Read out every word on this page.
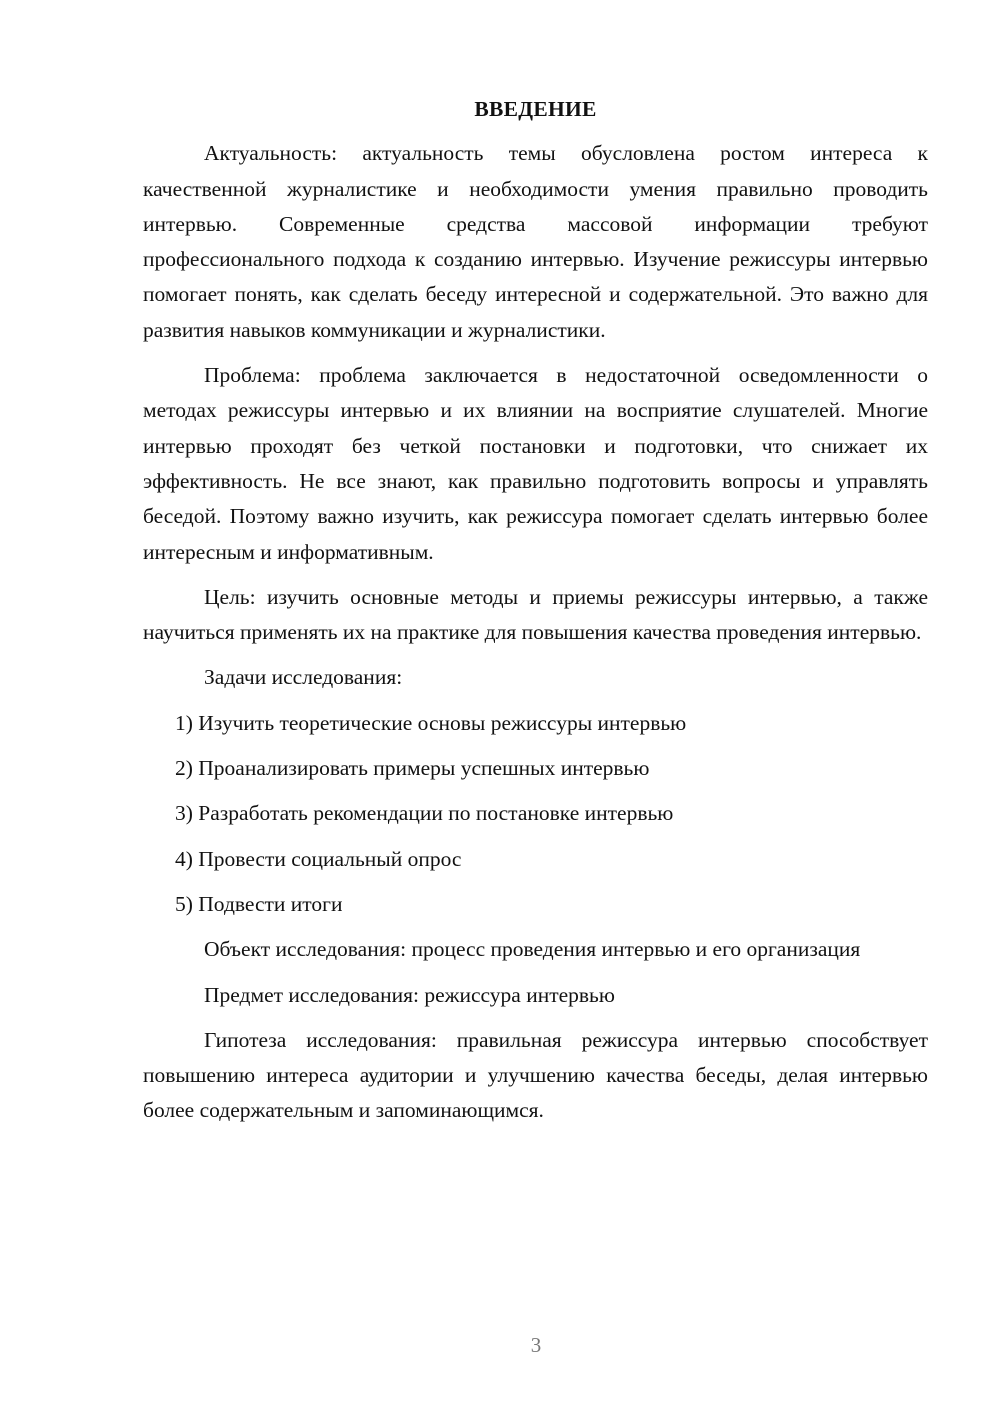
ВВЕДЕНИЕ

Актуальность: актуальность темы обусловлена ростом интереса к качественной журналистике и необходимости умения правильно проводить интервью. Современные средства массовой информации требуют профессионального подхода к созданию интервью. Изучение режиссуры интервью помогает понять, как сделать беседу интересной и содержательной. Это важно для развития навыков коммуникации и журналистики.

Проблема: проблема заключается в недостаточной осведомленности о методах режиссуры интервью и их влиянии на восприятие слушателей. Многие интервью проходят без четкой постановки и подготовки, что снижает их эффективность. Не все знают, как правильно подготовить вопросы и управлять беседой. Поэтому важно изучить, как режиссура помогает сделать интервью более интересным и информативным.

Цель: изучить основные методы и приемы режиссуры интервью, а также научиться применять их на практике для повышения качества проведения интервью.

Задачи исследования:

1) Изучить теоретические основы режиссуры интервью
2) Проанализировать примеры успешных интервью
3) Разработать рекомендации по постановке интервью
4) Провести социальный опрос
5) Подвести итоги

Объект исследования: процесс проведения интервью и его организация

Предмет исследования: режиссура интервью

Гипотеза исследования: правильная режиссура интервью способствует повышению интереса аудитории и улучшению качества беседы, делая интервью более содержательным и запоминающимся.

3
